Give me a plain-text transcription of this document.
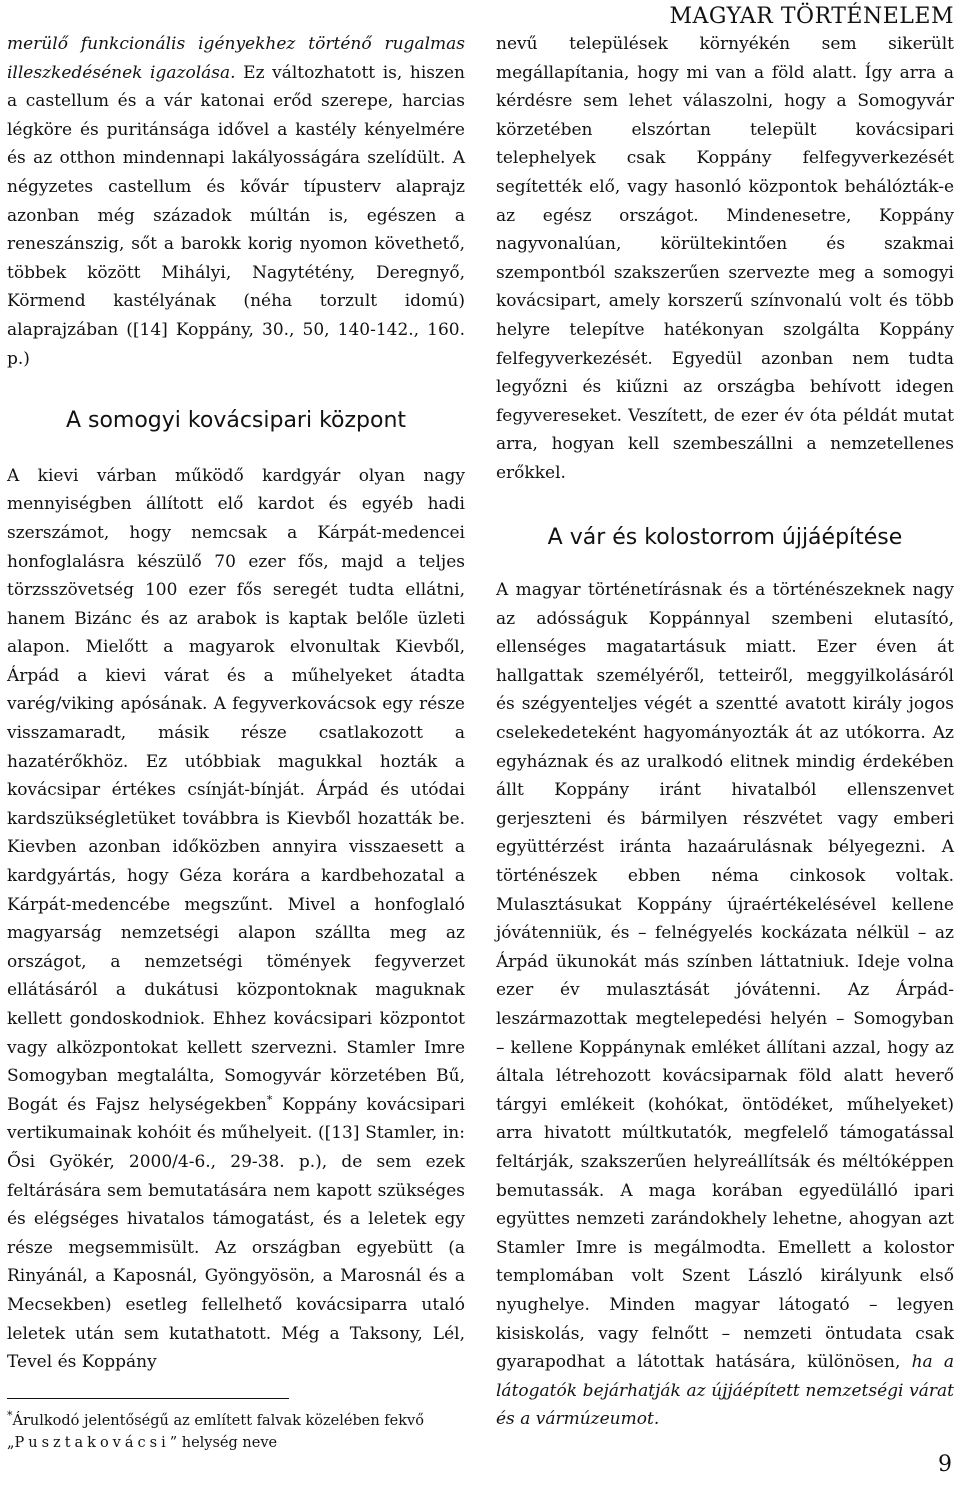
MAGYAR TÖRTÉNELEM

merülő funkcionális igényekhez történő rugalmas illeszkedésének igazolása. Ez változhatott is, hiszen a castellum és a vár katonai erőd szerepe, harcias légköre és puritánsága idővel a kastély kényelmére és az otthon mindennapi lakályosságára szelídült. A négyzetes castellum és kővár típusterv alaprajz azonban még századok múltán is, egészen a reneszánszig, sőt a barokk korig nyomon követhető, többek között Mihályi, Nagytétény, Deregnyő, Körmend kastélyának (néha torzult idomú) alaprajzában ([14] Koppány, 30., 50, 140-142., 160. p.)

A somogyi kovácsipari központ

A kievi várban működő kardgyár olyan nagy mennyiségben állított elő kardot és egyéb hadi szerszámot, hogy nemcsak a Kárpát-medencei honfoglalásra készülő 70 ezer fős, majd a teljes törzsszövetség 100 ezer fős seregét tudta ellátni, hanem Bizánc és az arabok is kaptak belőle üzleti alapon. Mielőtt a magyarok elvonultak Kievből, Árpád a kievi várat és a műhelyeket átadta varég/viking apósának. A fegyverkovácsok egy része visszamaradt, másik része csatlakozott a hazatérőkhöz. Ez utóbbiak magukkal hozták a kovácsipar értékes csínját-bínját. Árpád és utódai kardszükségletüket továbbra is Kievből hozatták be. Kievben azonban időközben annyira visszaesett a kardgyártás, hogy Géza korára a kardbehozatal a Kárpát-medencébe megszűnt. Mivel a honfoglaló magyarság nemzetségi alapon szállta meg az országot, a nemzetségi tömények fegyverzet ellátásáról a dukátusi központoknak maguknak kellett gondoskodniok. Ehhez kovácsipari központot vagy alközpontokat kellett szervezni. Stamler Imre Somogyban megtalálta, Somogyvár körzetében Bű, Bogát és Fajsz helységekben* Koppány kovácsipari vertikumainak kohóit és műhelyeit. ([13] Stamler, in: Ősi Gyökér, 2000/4-6., 29-38. p.), de sem ezek feltárására sem bemutatására nem kapott szükséges és elégséges hivatalos támogatást, és a leletek egy része megsemmisült. Az országban egyebütt (a Rinyánál, a Kaposnál, Gyöngyösön, a Marosnál és a Mecsekben) esetleg fellelhető kovácsiparra utaló leletek után sem kutathatott. Még a Taksony, Lél, Tevel és Koppány

*Árulkodó jelentőségű az említett falvak közelében fekvő
„Pusztakovácsi” helység neve

nevű települések környékén sem sikerült megállapítania, hogy mi van a föld alatt. Így arra a kérdésre sem lehet válaszolni, hogy a Somogyvár körzetében elszórtan települt kovácsipari telephelyek csak Koppány felfegyverkezését segítették elő, vagy hasonló központok behálózták-e az egész országot. Mindenesetre, Koppány nagyvonalúan, körültekintően és szakmai szempontból szakszerűen szervezte meg a somogyi kovácsipart, amely korszerű színvonalú volt és több helyre telepítve hatékonyan szolgálta Koppány felfegyverkezését. Egyedül azonban nem tudta legyőzni és kiűzni az országba behívott idegen fegyvereseket. Veszített, de ezer év óta példát mutat arra, hogyan kell szembeszállni a nemzetellenes erőkkel.

A vár és kolostorrom újjáépítése

A magyar történetírásnak és a történészeknek nagy az adósságuk Koppánnyal szembeni elutasító, ellenséges magatartásuk miatt. Ezer éven át hallgattak személyéről, tetteiről, meggyilkolásáról és szégyenteljes végét a szentté avatott király jogos cselekedeteként hagyományozták át az utókorra. Az egyháznak és az uralkodó elitnek mindig érdekében állt Koppány iránt hivatalból ellenszenvet gerjeszteni és bármilyen részvétet vagy emberi együttérzést iránta hazaárulásnak bélyegezni. A történészek ebben néma cinkosok voltak. Mulasztásukat Koppány újraértékelésével kellene jóvátenniük, és – felnégyelés kockázata nélkül – az Árpád ükunokát más színben láttatniuk. Ideje volna ezer év mulasztását jóvátenni. Az Árpád-leszármazottak megtelepedési helyén – Somogyban – kellene Koppánynak emléket állítani azzal, hogy az általa létrehozott kovácsiparnak föld alatt heverő tárgyi emlékeit (kohókat, öntödéket, műhelyeket) arra hivatott múltkutatók, megfelelő támogatással feltárják, szakszerűen helyreállítsák és méltóképpen bemutassák. A maga korában egyedülálló ipari együttes nemzeti zarándokhely lehetne, ahogyan azt Stamler Imre is megálmodta. Emellett a kolostor templomában volt Szent László királyunk első nyughelye. Minden magyar látogató – legyen kisiskolás, vagy felnőtt – nemzeti öntudata csak gyarapodhat a látottak hatására, különösen, ha a látogatók bejárhatják az újjáépített nemzetségi várat és a vármúzeumot.

9
